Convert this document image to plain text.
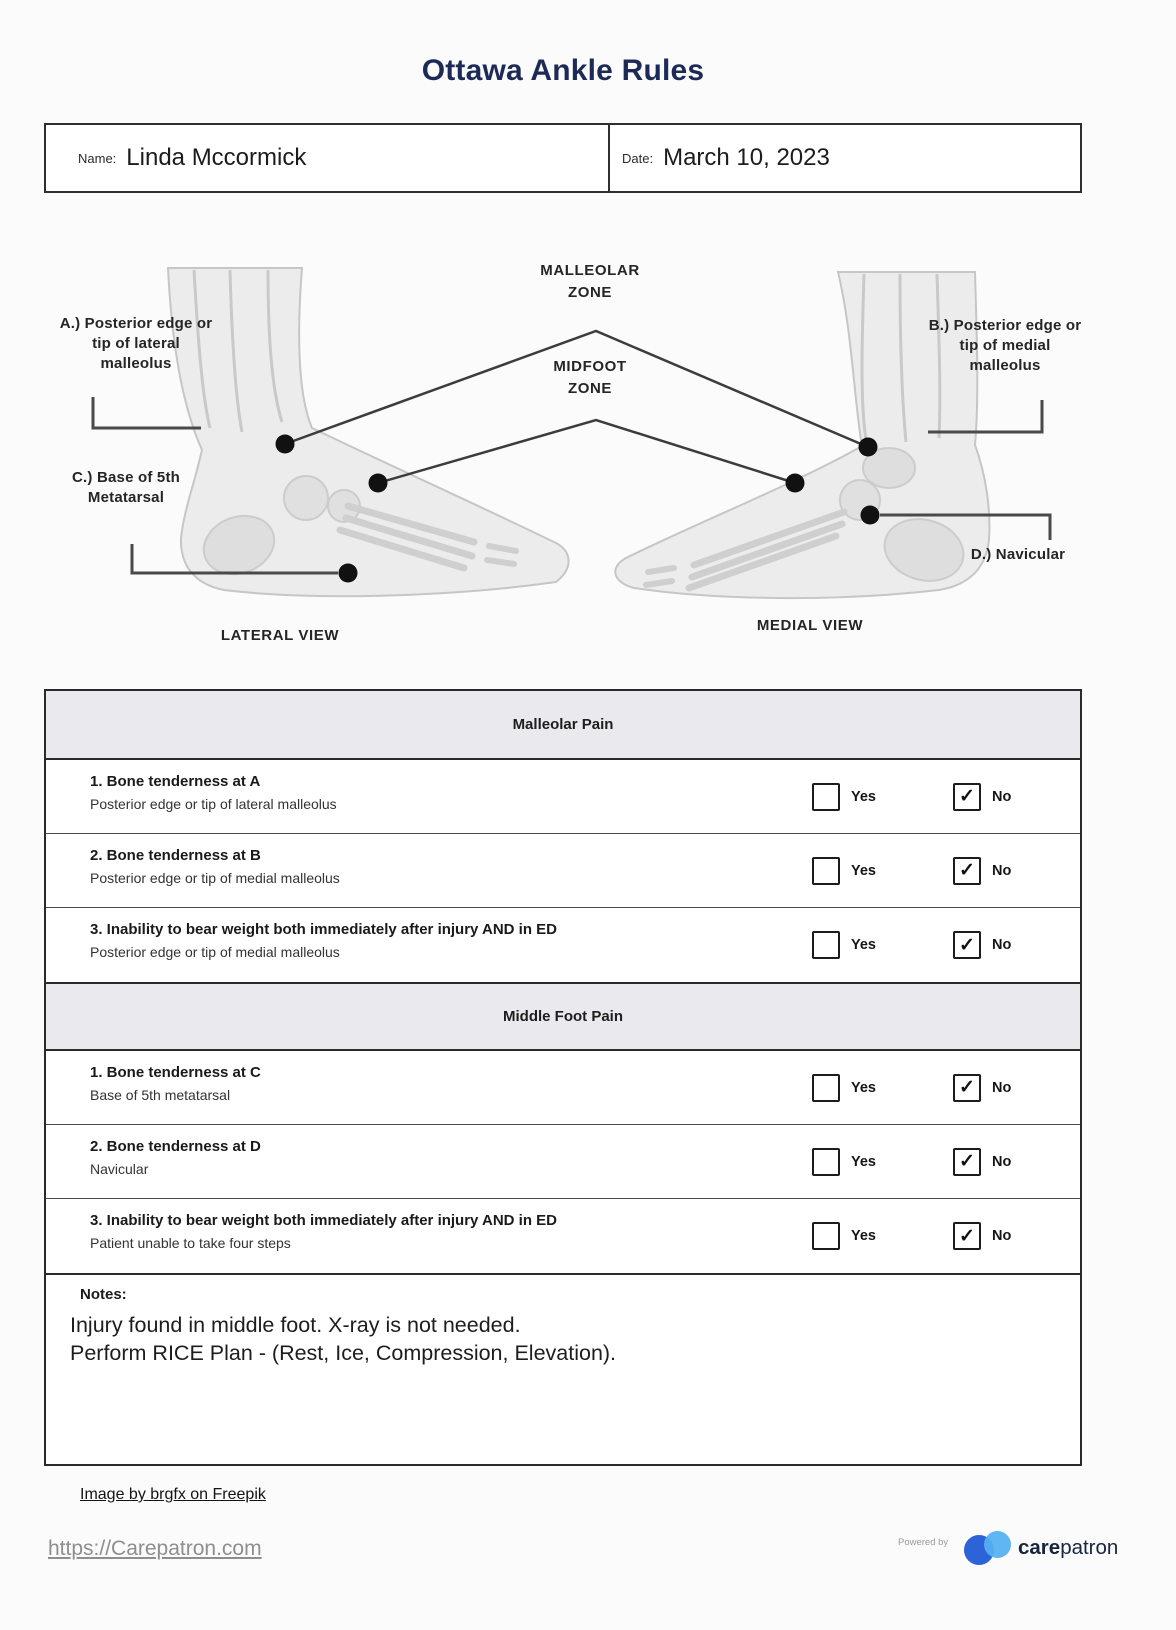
Ottawa Ankle Rules
Name: Linda Mccormick	Date: March 10, 2023
MALLEOLAR
ZONE
MIDFOOT
ZONE
A.) Posterior edge or
tip of lateral
malleolus
B.) Posterior edge or
tip of medial
malleolus
C.) Base of 5th
Metatarsal
D.) Navicular
LATERAL VIEW
MEDIAL VIEW
Malleolar Pain
1. Bone tenderness at A
Posterior edge or tip of lateral malleolus	Yes	✓	No
2. Bone tenderness at B
Posterior edge or tip of medial malleolus	Yes	✓	No
3. Inability to bear weight both immediately after injury AND in ED
Posterior edge or tip of medial malleolus	Yes	✓	No
Middle Foot Pain
1. Bone tenderness at C
Base of 5th metatarsal	Yes	✓	No
2. Bone tenderness at D
Navicular	Yes	✓	No
3. Inability to bear weight both immediately after injury AND in ED
Patient unable to take four steps	Yes	✓	No
Notes:
Injury found in middle foot. X-ray is not needed.
Perform RICE Plan - (Rest, Ice, Compression, Elevation).
Image by brgfx on Freepik
https://Carepatron.com	Powered by	carepatron
